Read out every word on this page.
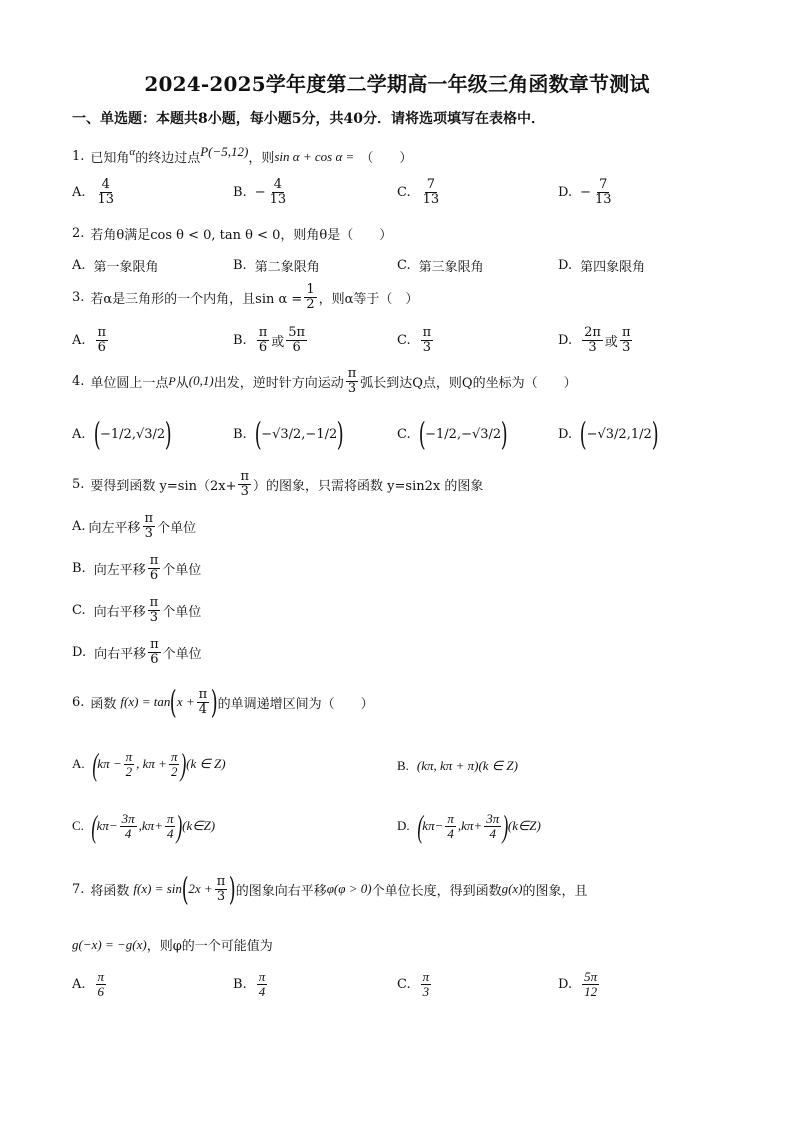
2024-2025学年度第二学期高一年级三角函数章节测试
一、单选题：本题共8小题，每小题5分，共40分．请将选项填写在表格中．
1. 已知角 α 的终边过点 P(−5,12) ，则 sin α + cos α = （　　）
A. $\frac{4}{13}$	B. − $\frac{4}{13}$	C. $\frac{7}{13}$	D. − $\frac{7}{13}$
2. 若角θ满足cos θ < 0, tan θ < 0，则角θ是（　　）
A. 第一象限角	B. 第二象限角	C. 第三象限角	D. 第四象限角
3. 若α是三角形的一个内角，且$\sin \alpha = \frac{1}{2}$ ，则α等于（　）
A. $\frac{\pi}{6}$	B. $\frac{\pi}{6}$ 或 $\frac{5\pi}{6}$	C. $\frac{\pi}{3}$	D. $\frac{2\pi}{3}$ 或 $\frac{\pi}{3}$
4. 单位圆上一点 P 从 (0,1) 出发，逆时针方向运动 $\frac{\pi}{3}$ 弧长到达Q点，则Q的坐标为（　　）
A. ( −1/2 , √3/2 )	B. ( −√3/2 , −1/2 )	C. ( −1/2 , −√3/2 )	D. ( −√3/2 , 1/2 )
5. 要得到函数 $y=\sin(2x+ \frac{\pi}{3}$ ）的图象，只需将函数 y=sin2x 的图象
A. 向左平移 $\frac{\pi}{3}$ 个单位
B. 向左平移 $\frac{\pi}{6}$ 个单位
C. 向右平移 $\frac{\pi}{3}$ 个单位
D. 向右平移 $\frac{\pi}{6}$ 个单位
6. 函数 f(x) = tan ( $x + \frac{\pi}{4}$ ) 的单调递增区间为（　　）
A. ( $k\pi - \frac{\pi}{2}$ , $k\pi + \frac{\pi}{2}$ ) (k ∈ Z)	B. (kπ, kπ + π) (k ∈ Z)
C. ( $k\pi- \frac{3\pi}{4} ,k\pi+ \frac{\pi}{4}$ ) (k∈Z)	D. ( $k\pi- \frac{\pi}{4} ,k\pi+ \frac{3\pi}{4}$ ) (k∈Z)
7. 将函数 f(x) = sin ( $2x + \frac{\pi}{3}$ ) 的图象向右平移 φ(φ > 0) 个单位长度，得到函数 g(x) 的图象，且
g(−x) = −g(x) ，则φ的一个可能值为
A. $\frac{\pi}{6}$	B. $\frac{\pi}{4}$	C. $\frac{\pi}{3}$	D. $\frac{5\pi}{12}$
